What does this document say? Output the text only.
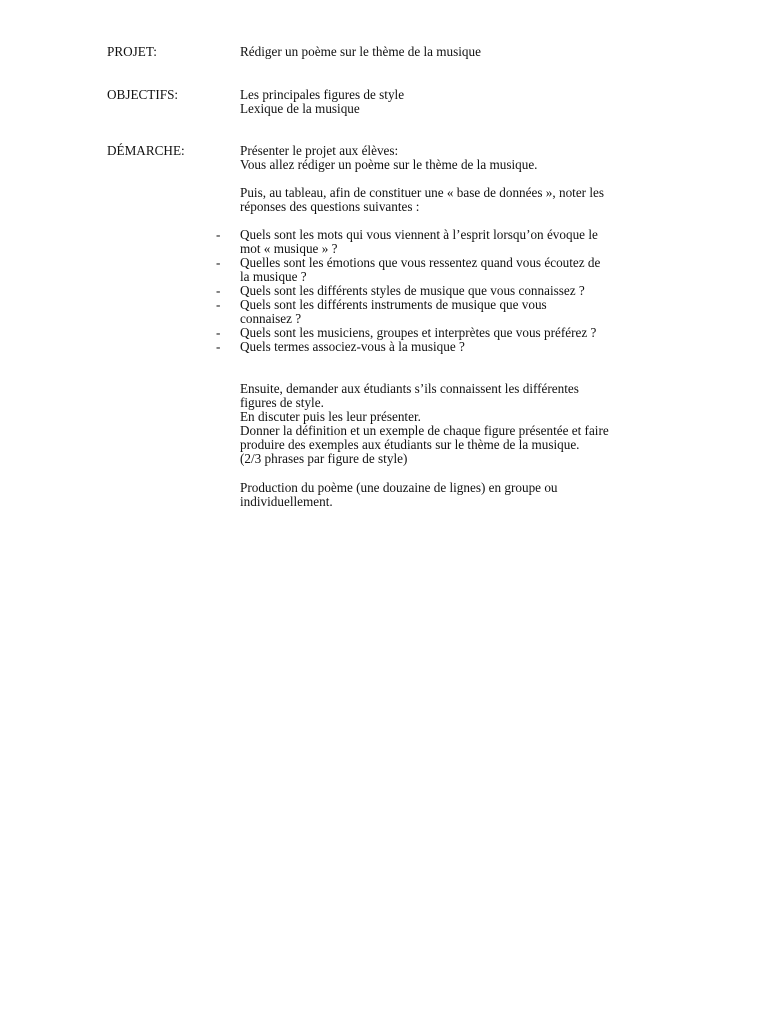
PROJET:	Rédiger un poème sur le thème de la musique

OBJECTIFS:	Les principales figures de style

Lexique de la musique

DÉMARCHE:	Présenter le projet aux élèves:

Vous allez rédiger un poème sur le thème de la musique.

Puis, au tableau, afin de constituer une « base de données », noter les

réponses des questions suivantes :

- Quels sont les mots qui vous viennent à l’esprit lorsqu’on évoque le
mot « musique » ?
- Quelles sont les émotions que vous ressentez quand vous écoutez de
la musique ?
- Quels sont les différents styles de musique que vous connaissez ?
- Quels sont les différents instruments de musique que vous
connaisez ?
- Quels sont les musiciens, groupes et interprètes que vous préférez ?
- Quels termes associez-vous à la musique ?

Ensuite, demander aux étudiants s’ils connaissent les différentes

figures de style.

En discuter puis les leur présenter.

Donner la définition et un exemple de chaque figure présentée et faire

produire des exemples aux étudiants sur le thème de la musique.

(2/3 phrases par figure de style)

Production du poème (une douzaine de lignes) en groupe ou

individuellement.
